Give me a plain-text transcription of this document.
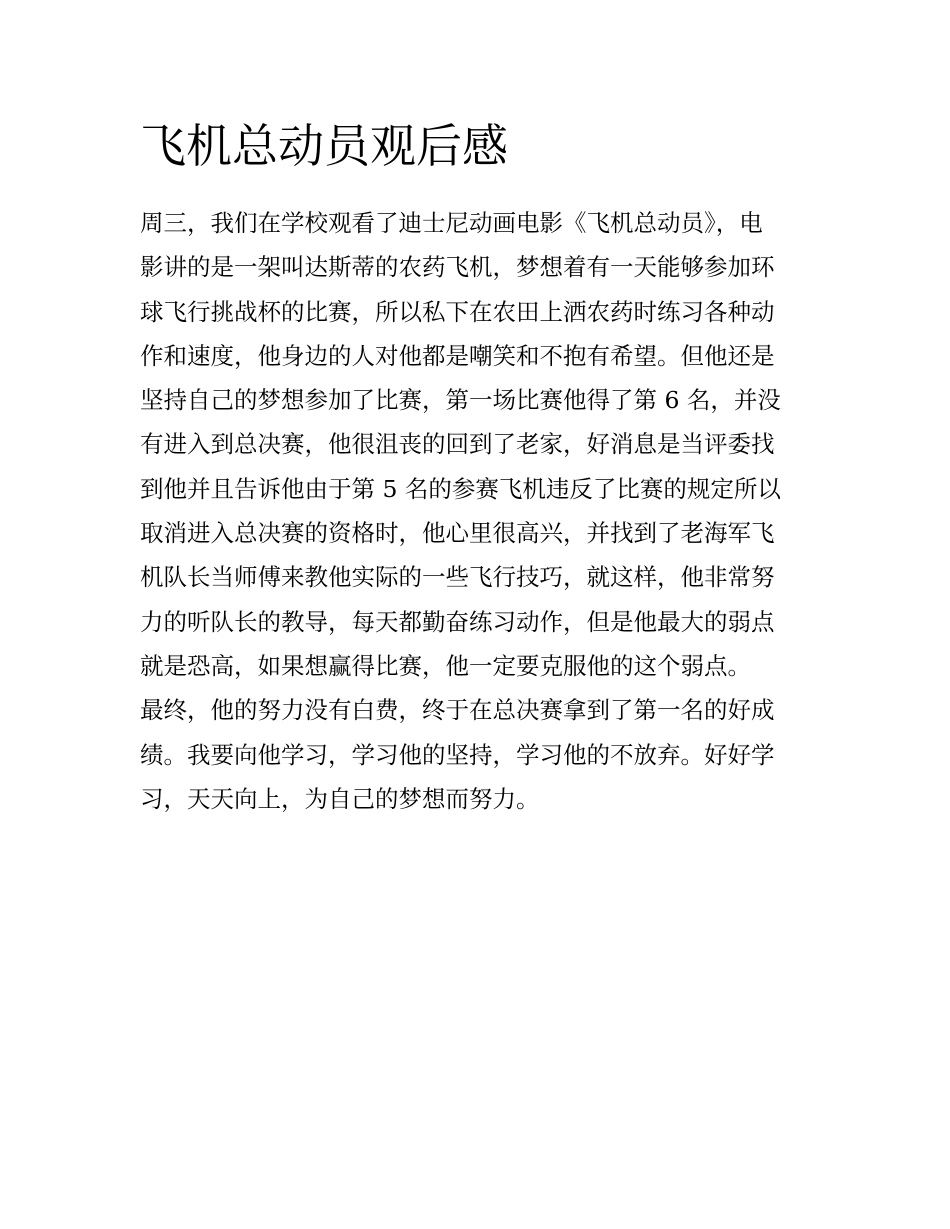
飞机总动员观后感
周三，我们在学校观看了迪士尼动画电影《飞机总动员》，电
影讲的是一架叫达斯蒂的农药飞机，梦想着有一天能够参加环
球飞行挑战杯的比赛，所以私下在农田上洒农药时练习各种动
作和速度，他身边的人对他都是嘲笑和不抱有希望。但他还是
坚持自己的梦想参加了比赛，第一场比赛他得了第 6 名，并没
有进入到总决赛，他很沮丧的回到了老家，好消息是当评委找
到他并且告诉他由于第 5 名的参赛飞机违反了比赛的规定所以
取消进入总决赛的资格时，他心里很高兴，并找到了老海军飞
机队长当师傅来教他实际的一些飞行技巧，就这样，他非常努
力的听队长的教导，每天都勤奋练习动作，但是他最大的弱点
就是恐高，如果想赢得比赛，他一定要克服他的这个弱点。
最终，他的努力没有白费，终于在总决赛拿到了第一名的好成
绩。我要向他学习，学习他的坚持，学习他的不放弃。好好学
习，天天向上，为自己的梦想而努力。
